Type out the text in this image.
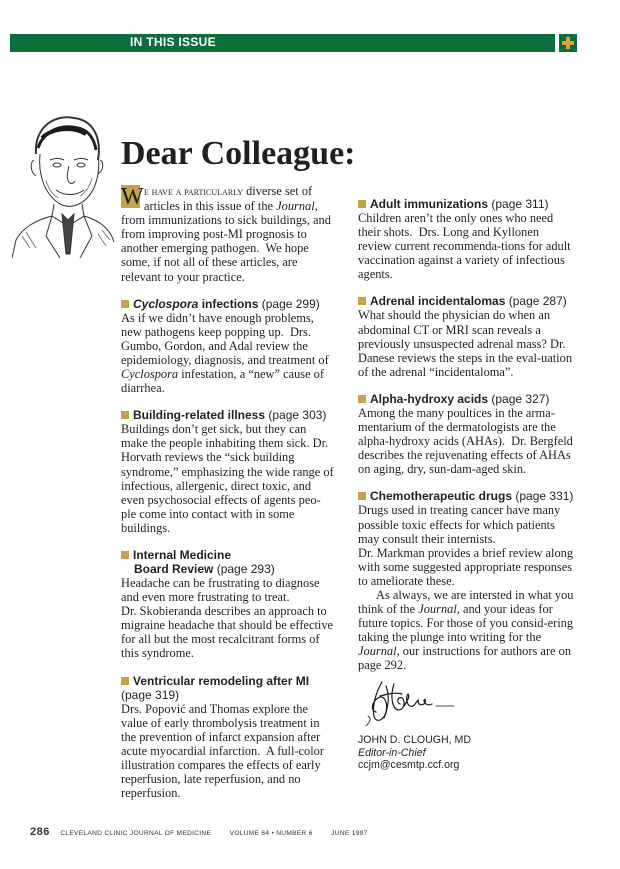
IN THIS ISSUE
Dear Colleague:

W e have a particularly diverse set of articles in this issue of the Journal, from immunizations to sick buildings, and from improving post-MI prognosis to another emerging pathogen.  We hope some, if not all of these articles, are relevant to your practice.

Cyclospora infections (page 299)

As if we didn’t have enough problems, new pathogens keep popping up.  Drs. Gumbo, Gordon, and Adal review the epidemiology, diagnosis, and treatment of Cyclospora infestation, a “new” cause of diarrhea.

Building-related illness (page 303)

Buildings don’t get sick, but they can make the people inhabiting them sick. Dr. Horvath reviews the “sick building syndrome,” emphasizing the wide range of infectious, allergenic, direct toxic, and even psychosocial effects of agents peo-ple come into contact with in some buildings.

Internal Medicine
Board Review (page 293)

Headache can be frustrating to diagnose and even more frustrating to treat.
Dr. Skobieranda describes an approach to migraine headache that should be effective for all but the most recalcitrant forms of this syndrome.

Ventricular remodeling after MI (page 319)

Drs. Popović and Thomas explore the value of early thrombolysis treatment in the prevention of infarct expansion after acute myocardial infarction.  A full-color illustration compares the effects of early reperfusion, late reperfusion, and no reperfusion.

Adult immunizations (page 311)

Children aren’t the only ones who need their shots.  Drs. Long and Kyllonen review current recommenda-tions for adult vaccination against a variety of infectious agents.

Adrenal incidentalomas (page 287)

What should the physician do when an abdominal CT or MRI scan reveals a previously unsuspected adrenal mass? Dr. Danese reviews the steps in the eval-uation of the adrenal “incidentaloma”.

Alpha-hydroxy acids (page 327)

Among the many poultices in the arma-mentarium of the dermatologists are the alpha-hydroxy acids (AHAs).  Dr. Bergfeld describes the rejuvenating effects of AHAs on aging, dry, sun-dam-aged skin.

Chemotherapeutic drugs (page 331)

Drugs used in treating cancer have many possible toxic effects for which patients may consult their internists.
Dr. Markman provides a brief review along with some suggested appropriate responses to ameliorate these.

As always, we are intersted in what you think of the Journal, and your ideas for future topics. For those of you consid-ering taking the plunge into writing for the Journal, our instructions for authors are on page 292.

JOHN D. CLOUGH, MD
Editor-in-Chief
ccjm@cesmtp.ccf.org
286 CLEVELAND CLINIC JOURNAL OF MEDICINE	VOLUME 64 • NUMBER 6	JUNE 1997
